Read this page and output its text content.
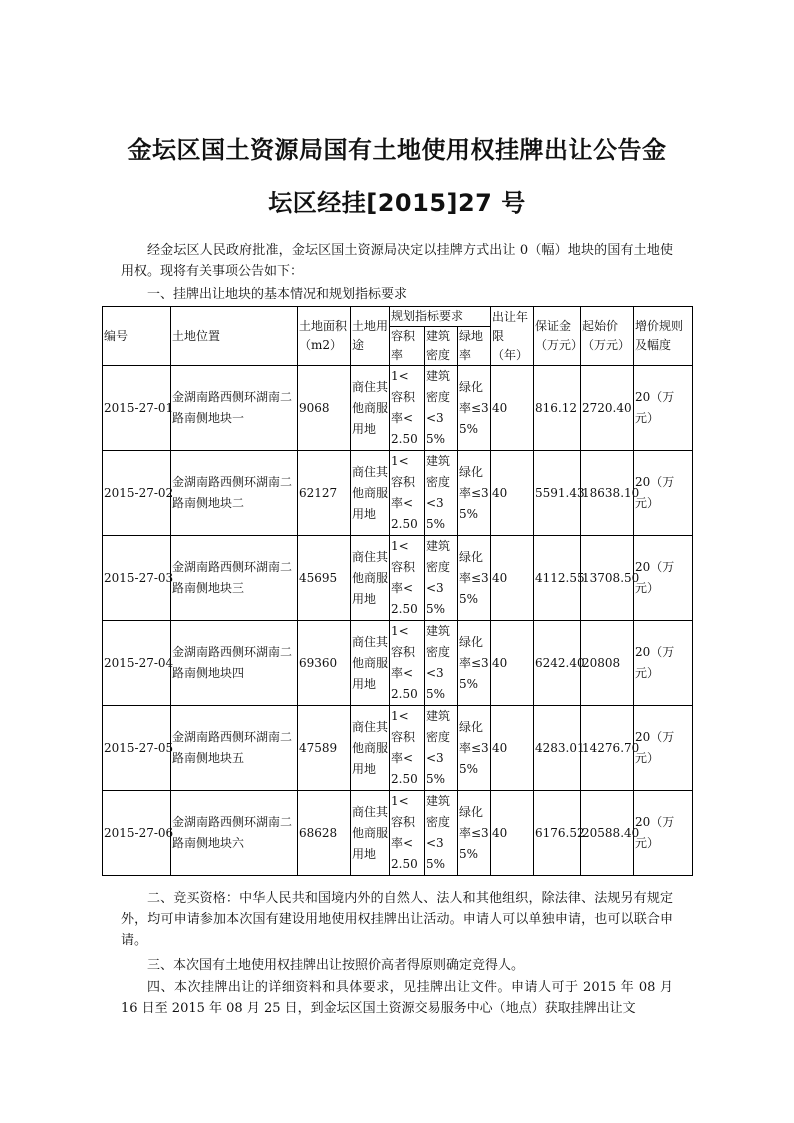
金坛区国土资源局国有土地使用权挂牌出让公告金
坛区经挂[2015]27 号
经金坛区人民政府批准，金坛区国土资源局决定以挂牌方式出让 0（幅）地块的国有土地使用权。现将有关事项公告如下：
一、挂牌出让地块的基本情况和规划指标要求
编号	土地位置	土地面积（m2）	土地用途	规划指标要求			出让年限（年）	保证金（万元）	起始价（万元）	增价规则及幅度
				容积率	建筑密度	绿地率				
2015-27-01	金湖南路西侧环湖南二路南侧地块一	9068	商住其他商服用地	1< 容积率<2.50	建筑密度<35%	绿化率≤35%	40	816.12	2720.40	20（万元）
2015-27-02	金湖南路西侧环湖南二路南侧地块二	62127	商住其他商服用地	1< 容积率<2.50	建筑密度<35%	绿化率≤35%	40	5591.43	18638.10	20（万元）
2015-27-03	金湖南路西侧环湖南二路南侧地块三	45695	商住其他商服用地	1< 容积率<2.50	建筑密度<35%	绿化率≤35%	40	4112.55	13708.50	20（万元）
2015-27-04	金湖南路西侧环湖南二路南侧地块四	69360	商住其他商服用地	1< 容积率<2.50	建筑密度<35%	绿化率≤35%	40	6242.40	20808	20（万元）
2015-27-05	金湖南路西侧环湖南二路南侧地块五	47589	商住其他商服用地	1< 容积率<2.50	建筑密度<35%	绿化率≤35%	40	4283.01	14276.70	20（万元）
2015-27-06	金湖南路西侧环湖南二路南侧地块六	68628	商住其他商服用地	1< 容积率<2.50	建筑密度<35%	绿化率≤35%	40	6176.52	20588.40	20（万元）
二、竞买资格：中华人民共和国境内外的自然人、法人和其他组织，除法律、法规另有规定外，均可申请参加本次国有建设用地使用权挂牌出让活动。申请人可以单独申请，也可以联合申请。
三、本次国有土地使用权挂牌出让按照价高者得原则确定竞得人。
四、本次挂牌出让的详细资料和具体要求，见挂牌出让文件。申请人可于 2015 年 08 月 16 日至 2015 年 08 月 25 日，到金坛区国土资源交易服务中心（地点）获取挂牌出让文
